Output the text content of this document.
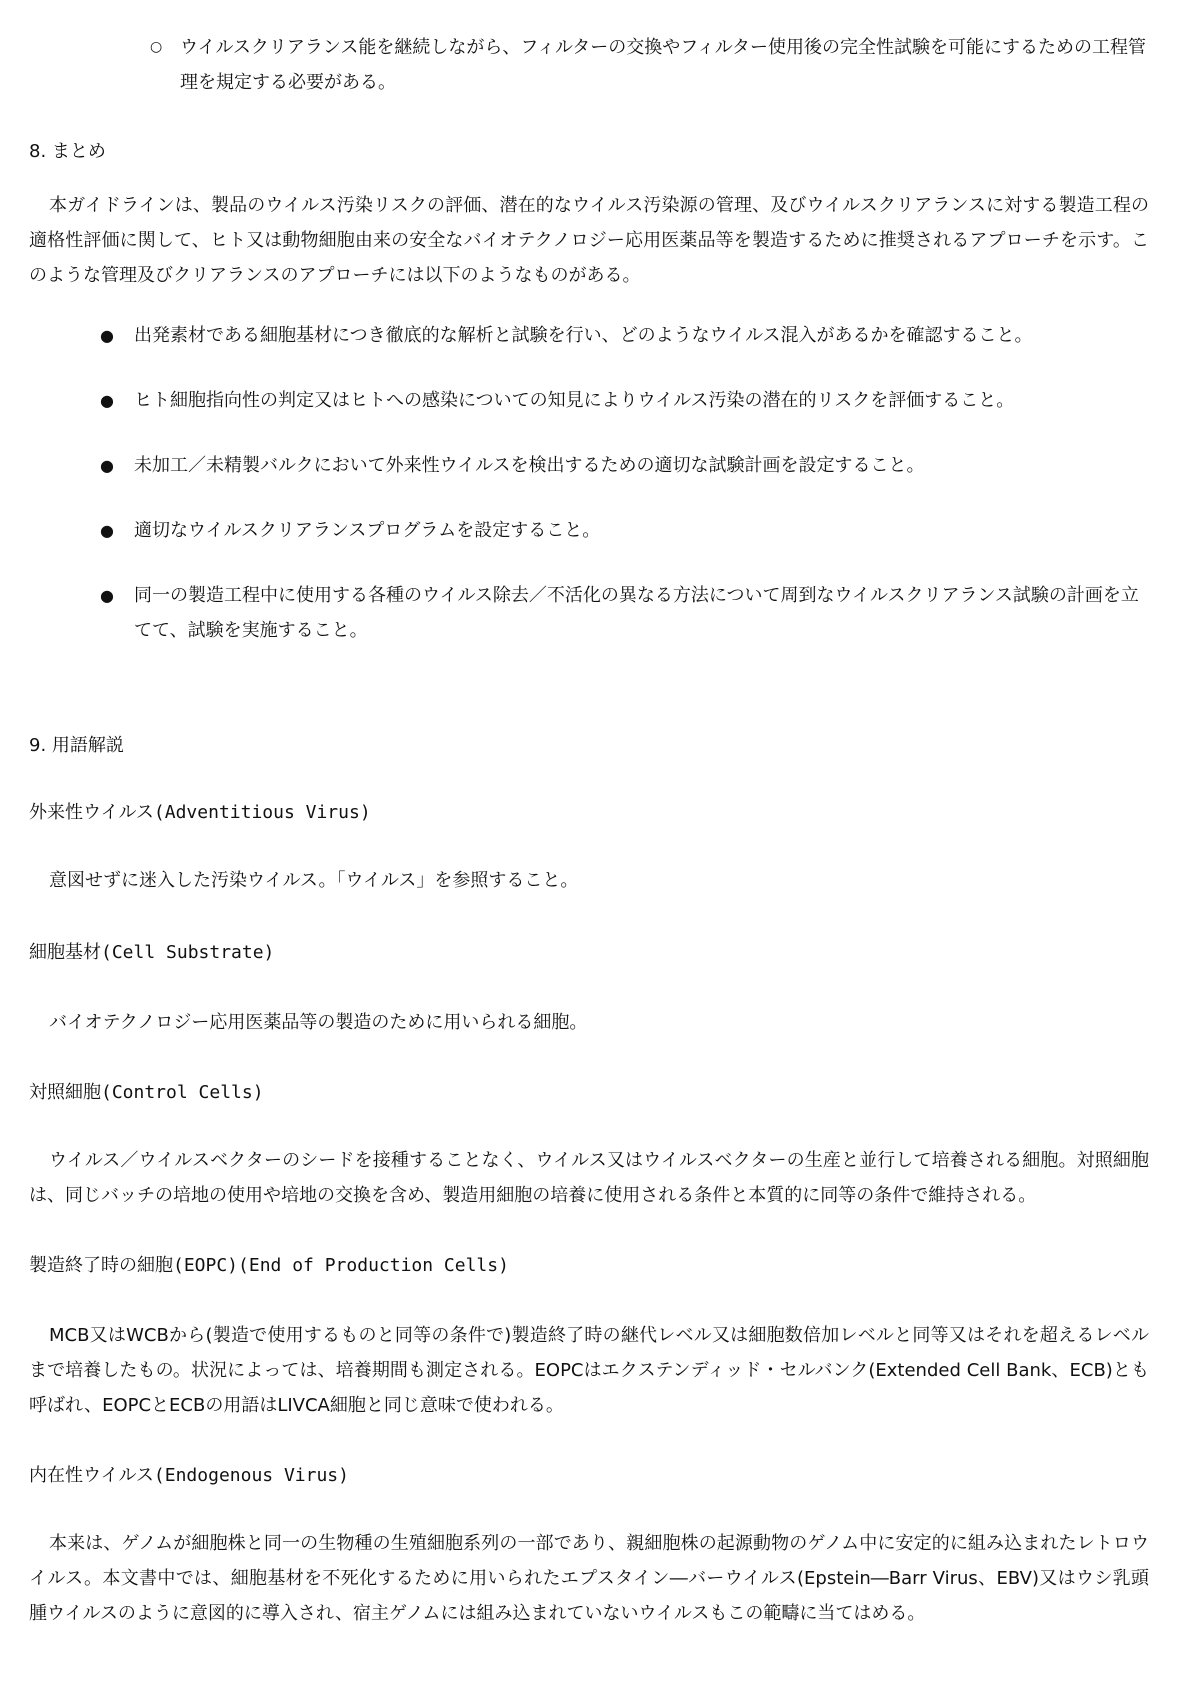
○ ウイルスクリアランス能を継続しながら、フィルターの交換やフィルター使用後の完全性試験を可能にするための工程管理を規定する必要がある。

8. まとめ

本ガイドラインは、製品のウイルス汚染リスクの評価、潜在的なウイルス汚染源の管理、及びウイルスクリアランスに対する製造工程の適格性評価に関して、ヒト又は動物細胞由来の安全なバイオテクノロジー応用医薬品等を製造するために推奨されるアプローチを示す。このような管理及びクリアランスのアプローチには以下のようなものがある。

●	出発素材である細胞基材につき徹底的な解析と試験を行い、どのようなウイルス混入があるかを確認すること。
●	ヒト細胞指向性の判定又はヒトへの感染についての知見によりウイルス汚染の潜在的リスクを評価すること。
●	未加工／未精製バルクにおいて外来性ウイルスを検出するための適切な試験計画を設定すること。
●	適切なウイルスクリアランスプログラムを設定すること。
●	同一の製造工程中に使用する各種のウイルス除去／不活化の異なる方法について周到なウイルスクリアランス試験の計画を立てて、試験を実施すること。

9. 用語解説

外来性ウイルス(Adventitious Virus)

意図せずに迷入した汚染ウイルス。「ウイルス」を参照すること。

細胞基材(Cell Substrate)

バイオテクノロジー応用医薬品等の製造のために用いられる細胞。

対照細胞(Control Cells)

ウイルス／ウイルスベクターのシードを接種することなく、ウイルス又はウイルスベクターの生産と並行して培養される細胞。対照細胞は、同じバッチの培地の使用や培地の交換を含め、製造用細胞の培養に使用される条件と本質的に同等の条件で維持される。

製造終了時の細胞(EOPC)(End of Production Cells)

MCB又はWCBから(製造で使用するものと同等の条件で)製造終了時の継代レベル又は細胞数倍加レベルと同等又はそれを超えるレベルまで培養したもの。状況によっては、培養期間も測定される。EOPCはエクステンディッド・セルバンク(Extended Cell Bank、ECB)とも呼ばれ、EOPCとECBの用語はLIVCA細胞と同じ意味で使われる。

内在性ウイルス(Endogenous Virus)

本来は、ゲノムが細胞株と同一の生物種の生殖細胞系列の一部であり、親細胞株の起源動物のゲノム中に安定的に組み込まれたレトロウイルス。本文書中では、細胞基材を不死化するために用いられたエプスタイン―バーウイルス(Epstein―Barr Virus、EBV)又はウシ乳頭腫ウイルスのように意図的に導入され、宿主ゲノムには組み込まれていないウイルスもこの範疇に当てはめる。
